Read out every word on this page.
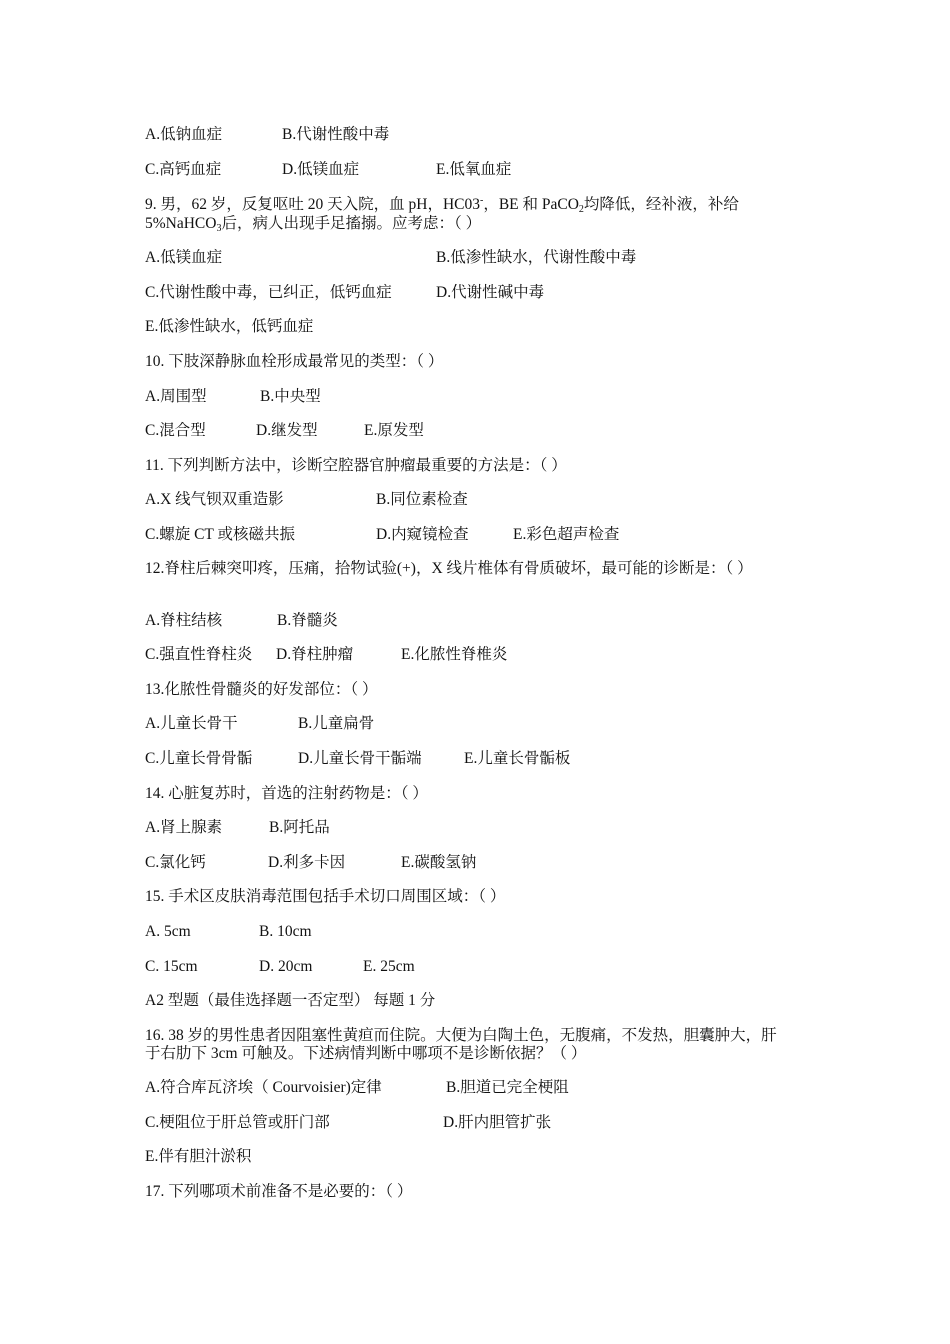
A.低钠血症	B.代谢性酸中毒
C.高钙血症	D.低镁血症	E.低氧血症
9. 男，62 岁，反复呕吐 20 天入院，血 pH，HC03-，BE 和 PaCO$_2$均降低，经补液，补给
5%NaHCO$_3$后，病人出现手足搐搦。应考虑：（ ）
A.低镁血症	B.低渗性缺水，代谢性酸中毒
C.代谢性酸中毒，已纠正，低钙血症	D.代谢性碱中毒
E.低渗性缺水，低钙血症
10. 下肢深静脉血栓形成最常见的类型：（ ）
A.周围型	B.中央型
C.混合型	D.继发型	E.原发型
11. 下列判断方法中，诊断空腔器官肿瘤最重要的方法是：（ ）
A.X 线气钡双重造影	B.同位素检查
C.螺旋 CT 或核磁共振	D.内窥镜检查	E.彩色超声检查
12.脊柱后棘突叩疼，压痛，拾物试验(+)，X 线片椎体有骨质破坏，最可能的诊断是：（ ）
A.脊柱结核	B.脊髓炎
C.强直性脊柱炎 D.脊柱肿瘤	E.化脓性脊椎炎
13.化脓性骨髓炎的好发部位：（ ）
A.儿童长骨干	B.儿童扁骨
C.儿童长骨骨骺	D.儿童长骨干骺端	E.儿童长骨骺板
14. 心脏复苏时，首选的注射药物是：（ ）
A.肾上腺素	B.阿托品
C.氯化钙	D.利多卡因	E.碳酸氢钠
15. 手术区皮肤消毒范围包括手术切口周围区域：（ ）
A. 5cm	B. 10cm
C. 15cm	D. 20cm	E. 25cm
A2 型题（最佳选择题一否定型） 每题 1 分
16. 38 岁的男性患者因阻塞性黄疸而住院。大便为白陶土色，无腹痛，不发热，胆囊肿大，肝于右肋下 3cm 可触及。下述病情判断中哪项不是诊断依据？（ ）
A.符合库瓦济埃（ Courvoisier)定律	B.胆道已完全梗阻
C.梗阻位于肝总管或肝门部	D.肝内胆管扩张
E.伴有胆汁淤积
17. 下列哪项术前准备不是必要的：（ ）
